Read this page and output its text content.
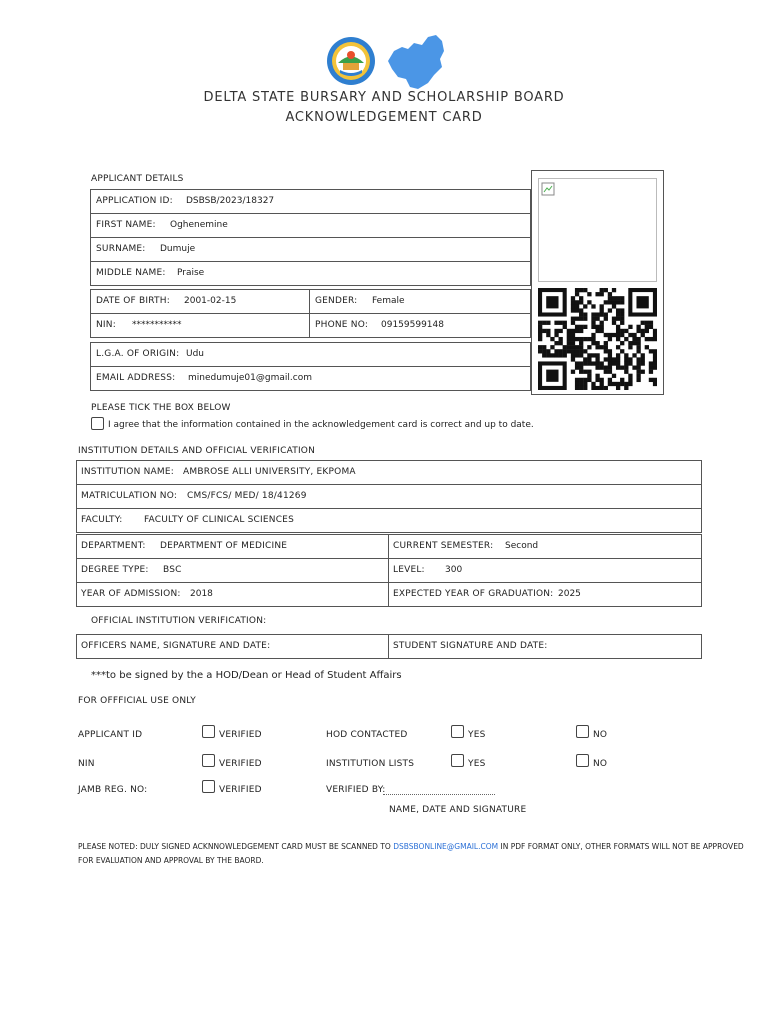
DELTA STATE BURSARY AND SCHOLARSHIP BOARD
ACKNOWLEDGEMENT CARD
APPLICANT DETAILS
APPLICATION ID: DSBSB/2023/18327
FIRST NAME: Oghenemine
SURNAME: Dumuje
MIDDLE NAME: Praise
DATE OF BIRTH: 2001-02-15	GENDER: Female
NIN: ***********	PHONE NO: 09159599148
L.G.A. OF ORIGIN: Udu
EMAIL ADDRESS: minedumuje01@gmail.com
PLEASE TICK THE BOX BELOW
I agree that the information contained in the acknowledgement card is correct and up to date.
INSTITUTION DETAILS AND OFFICIAL VERIFICATION
INSTITUTION NAME: AMBROSE ALLI UNIVERSITY, EKPOMA
MATRICULATION NO: CMS/FCS/ MED/ 18/41269
FACULTY: FACULTY OF CLINICAL SCIENCES
DEPARTMENT: DEPARTMENT OF MEDICINE	CURRENT SEMESTER: Second
DEGREE TYPE: BSC	LEVEL: 300
YEAR OF ADMISSION: 2018	EXPECTED YEAR OF GRADUATION: 2025
OFFICIAL INSTITUTION VERIFICATION:
OFFICERS NAME, SIGNATURE AND DATE:	STUDENT SIGNATURE AND DATE:
***to be signed by the a HOD/Dean or Head of Student Affairs
FOR OFFFICIAL USE ONLY
APPLICANT ID	VERIFIED	HOD CONTACTED	YES	NO
NIN	VERIFIED	INSTITUTION LISTS	YES	NO
JAMB REG. NO:	VERIFIED	VERIFIED BY:
NAME, DATE AND SIGNATURE
PLEASE NOTED: DULY SIGNED ACKNNOWLEDGEMENT CARD MUST BE SCANNED TO DSBSBONLINE@GMAIL.COM IN PDF FORMAT ONLY, OTHER FORMATS WILL NOT BE APPROVED
FOR EVALUATION AND APPROVAL BY THE BAORD.
